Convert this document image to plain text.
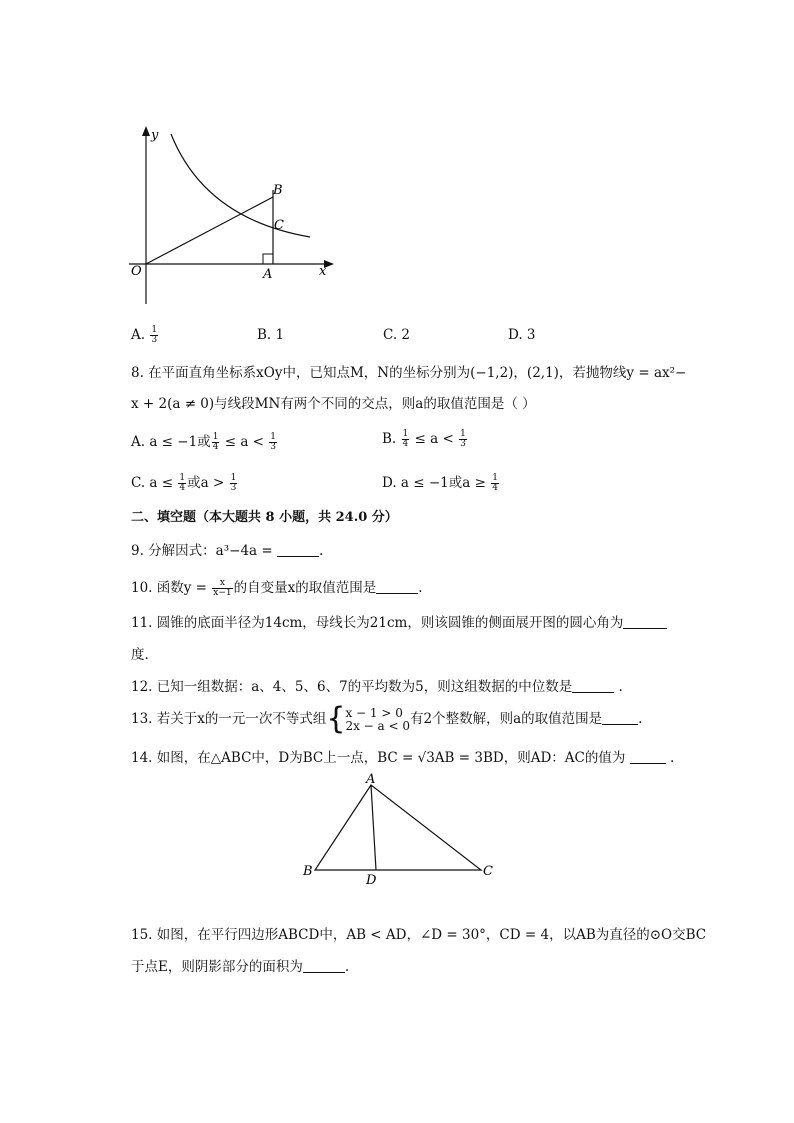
y
x
O	A
B
C
A. $\frac{1}{3}$	B. 1	C. 2	D. 3
8. 在平面直角坐标系xOy中，已知点M，N的坐标分别为(−1,2)，(2,1)，若抛物线y = ax²−
x + 2(a ≠ 0)与线段MN有两个不同的交点，则a的取值范围是（ ）
A. a ≤ −1或 $\frac{1}{4} \le a < \frac{1}{3}$	B. $\frac{1}{4} \le a < \frac{1}{3}$
C. $a \le \frac{1}{4}$ 或$a > \frac{1}{3}$	D. a ≤ −1或$a \ge \frac{1}{4}$
二、填空题（本大题共 8 小题，共 24.0 分）
9. 分解因式：a³−4a =	.
10. 函数$y = \frac{x}{x-1}$ 的自变量x的取值范围是	.
11. 圆锥的底面半径为14cm，母线长为21cm，则该圆锥的侧面展开图的圆心角为
度.
12. 已知一组数据：a、4、5、6、7的平均数为5，则这组数据的中位数是	.
13. 若关于x的一元一次不等式组{ x − 1 > 0
2x − a < 0 有2个整数解，则a的取值范围是	.
14. 如图，在△ABC中，D为BC上一点，BC = √3AB = 3BD，则AD：AC的值为	.
A
B	C
D
15. 如图，在平行四边形ABCD中，AB < AD，∠D = 30°，CD = 4，以AB为直径的⊙O交BC
于点E，则阴影部分的面积为	.
